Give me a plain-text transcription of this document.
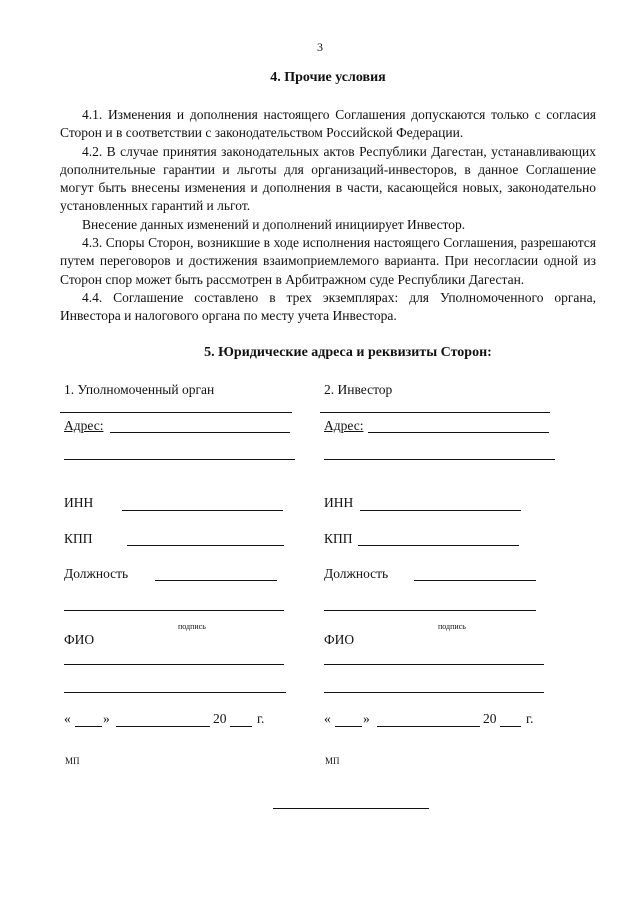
3
4. Прочие условия

4.1. Изменения и дополнения настоящего Соглашения допускаются только с согласия Сторон и в соответствии с законодательством Российской Федерации.

4.2. В случае принятия законодательных актов Республики Дагестан, устанавливающих дополнительные гарантии и льготы для организаций-инвесторов, в данное Соглашение могут быть внесены изменения и дополнения в части, касающейся новых, законодательно установленных гарантий и льгот.

Внесение данных изменений и дополнений инициирует Инвестор.

4.3. Споры Сторон, возникшие в ходе исполнения настоящего Соглашения, разрешаются путем переговоров и достижения взаимоприемлемого варианта. При несогласии одной из Сторон спор может быть рассмотрен в Арбитражном суде Республики Дагестан.

4.4. Соглашение составлено в трех экземплярах: для Уполномоченного органа, Инвестора и налогового органа по месту учета Инвестора.

5. Юридические адреса и реквизиты Сторон:
1. Уполномоченный орган
Адрес:
ИНН
КПП
Должность
подпись
ФИО
« »	20 г.
МП
2. Инвестор
Адрес:
ИНН
КПП
Должность
подпись
ФИО
« »	20 г.
МП
